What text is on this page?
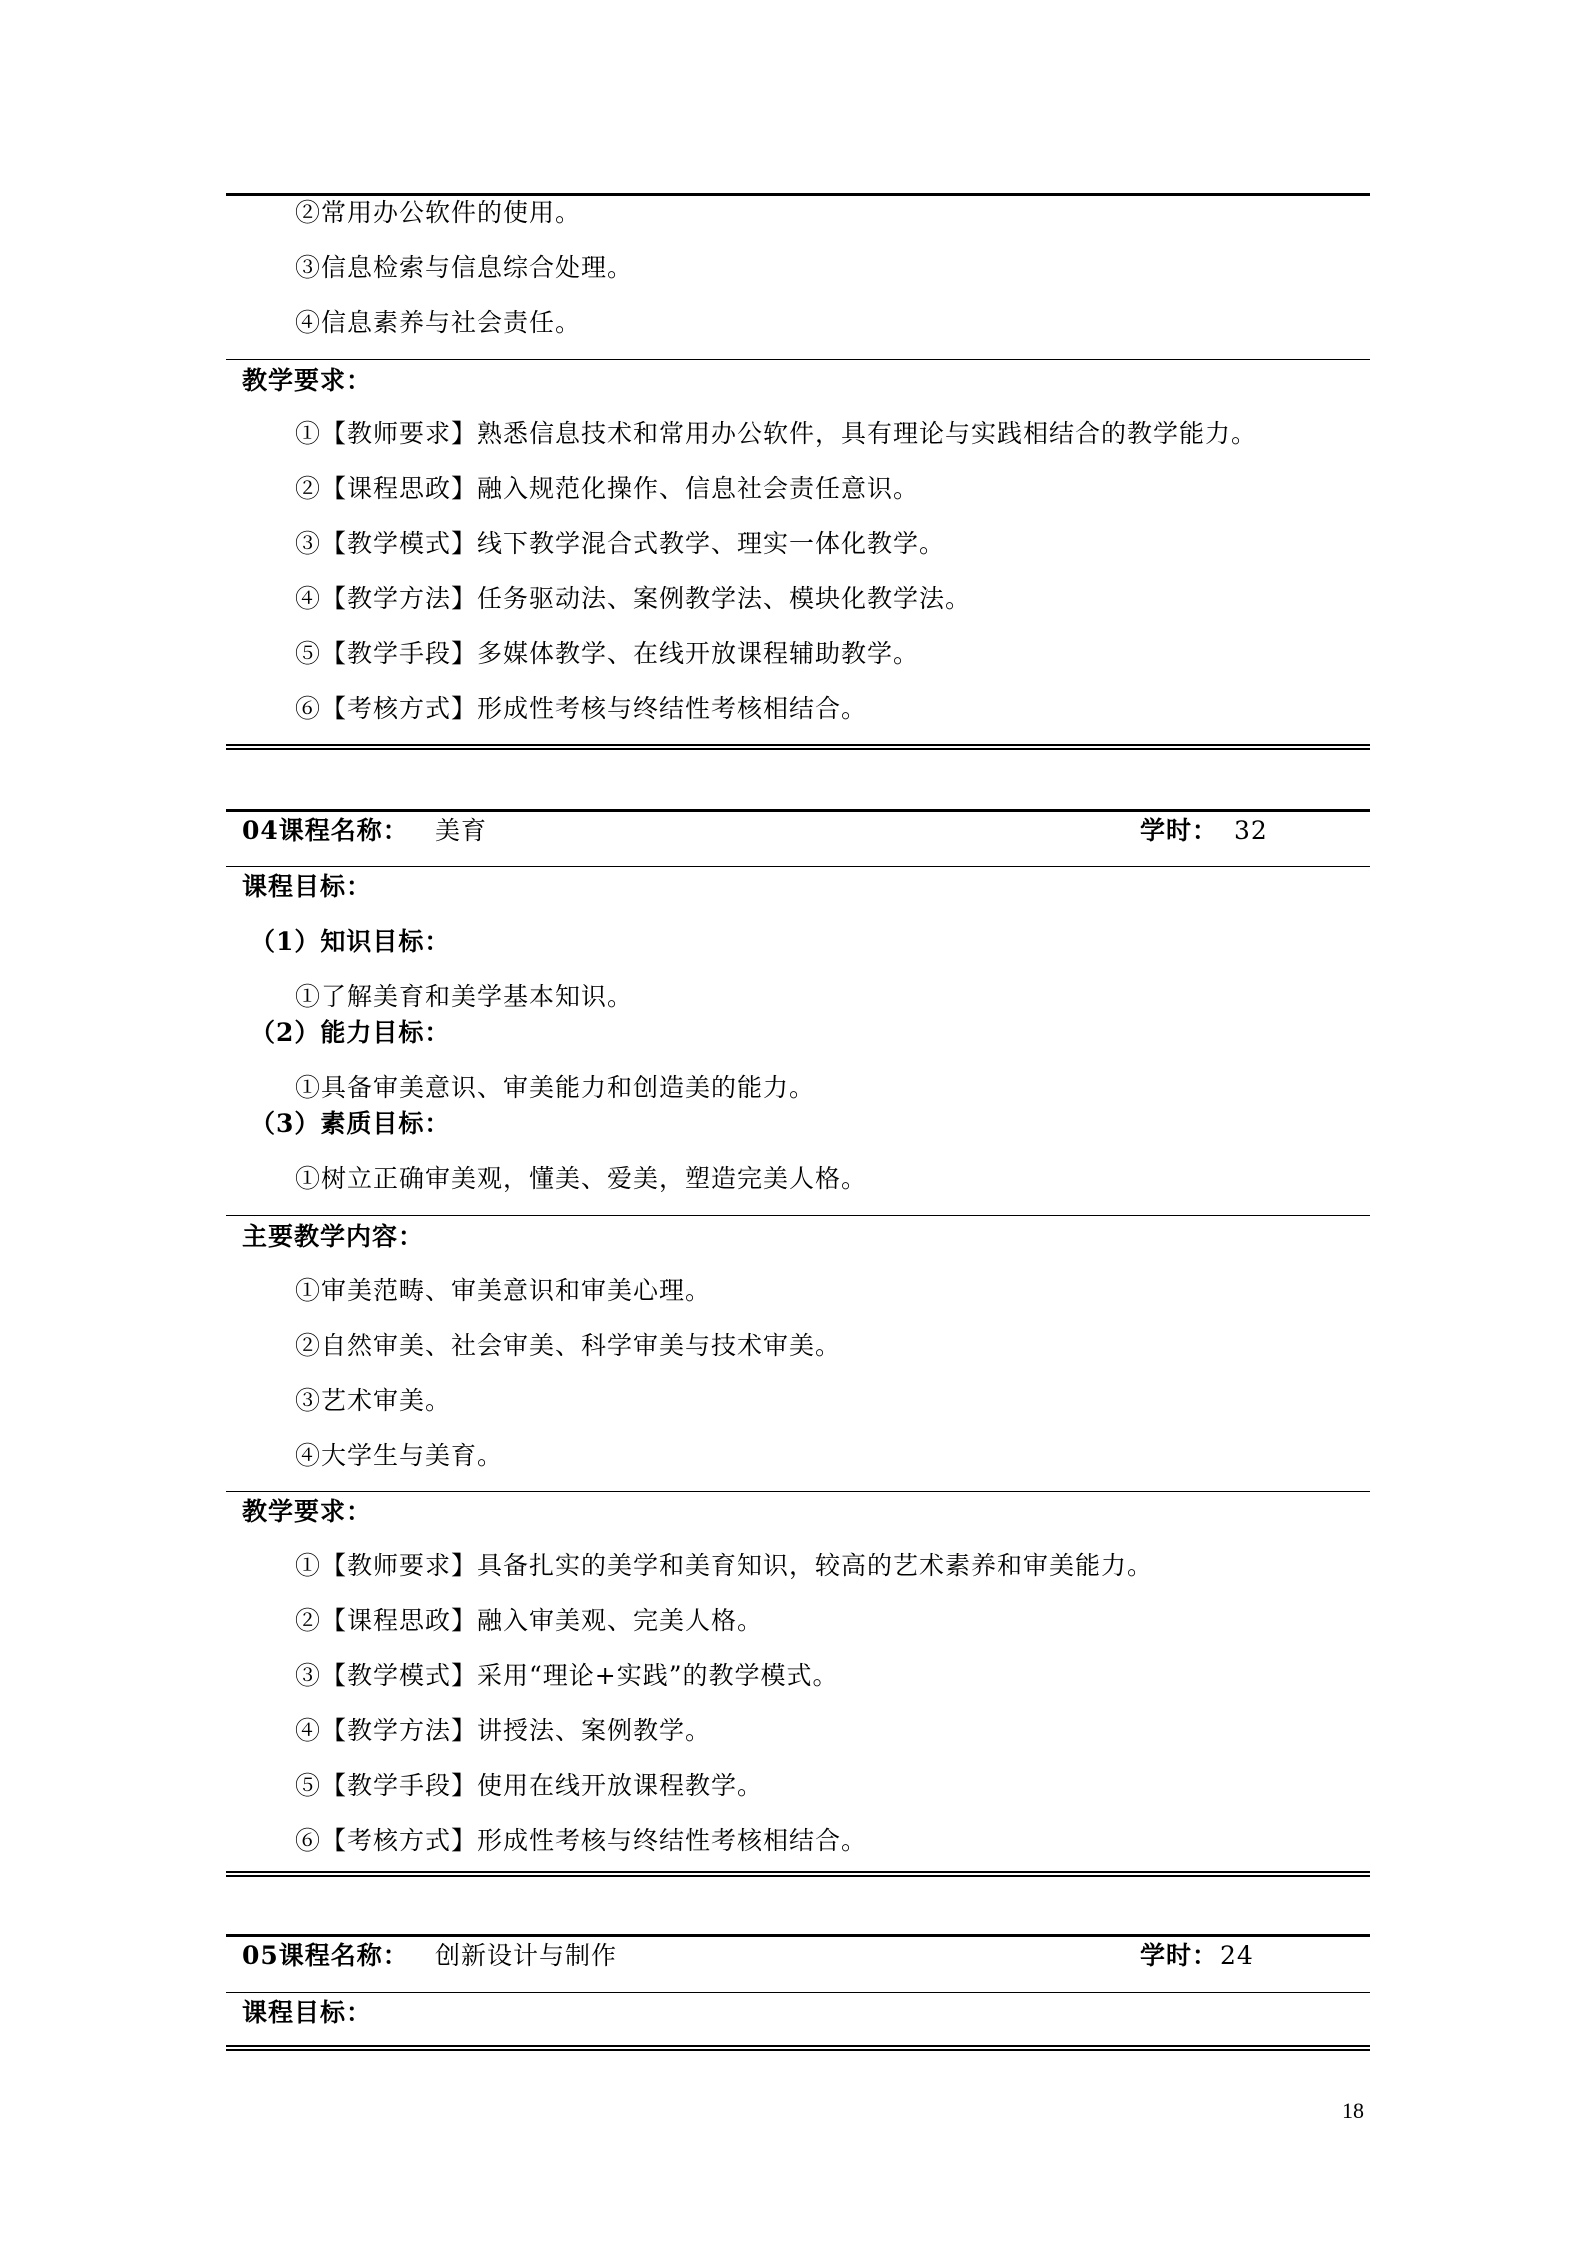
②常用办公软件的使用。
③信息检索与信息综合处理。
④信息素养与社会责任。
教学要求：
①【教师要求】熟悉信息技术和常用办公软件，具有理论与实践相结合的教学能力。
②【课程思政】融入规范化操作、信息社会责任意识。
③【教学模式】线下教学混合式教学、理实一体化教学。
④【教学方法】任务驱动法、案例教学法、模块化教学法。
⑤【教学手段】多媒体教学、在线开放课程辅助教学。
⑥【考核方式】形成性考核与终结性考核相结合。
04课程名称： 美育	学时： 32
课程目标：
（1）知识目标：
①了解美育和美学基本知识。
（2）能力目标：
①具备审美意识、审美能力和创造美的能力。
（3）素质目标：
①树立正确审美观，懂美、爱美，塑造完美人格。
主要教学内容：
①审美范畴、审美意识和审美心理。
②自然审美、社会审美、科学审美与技术审美。
③艺术审美。
④大学生与美育。
教学要求：
①【教师要求】具备扎实的美学和美育知识，较高的艺术素养和审美能力。
②【课程思政】融入审美观、完美人格。
③【教学模式】采用“理论+实践”的教学模式。
④【教学方法】讲授法、案例教学。
⑤【教学手段】使用在线开放课程教学。
⑥【考核方式】形成性考核与终结性考核相结合。
05课程名称： 创新设计与制作	学时： 24
课程目标：
18
